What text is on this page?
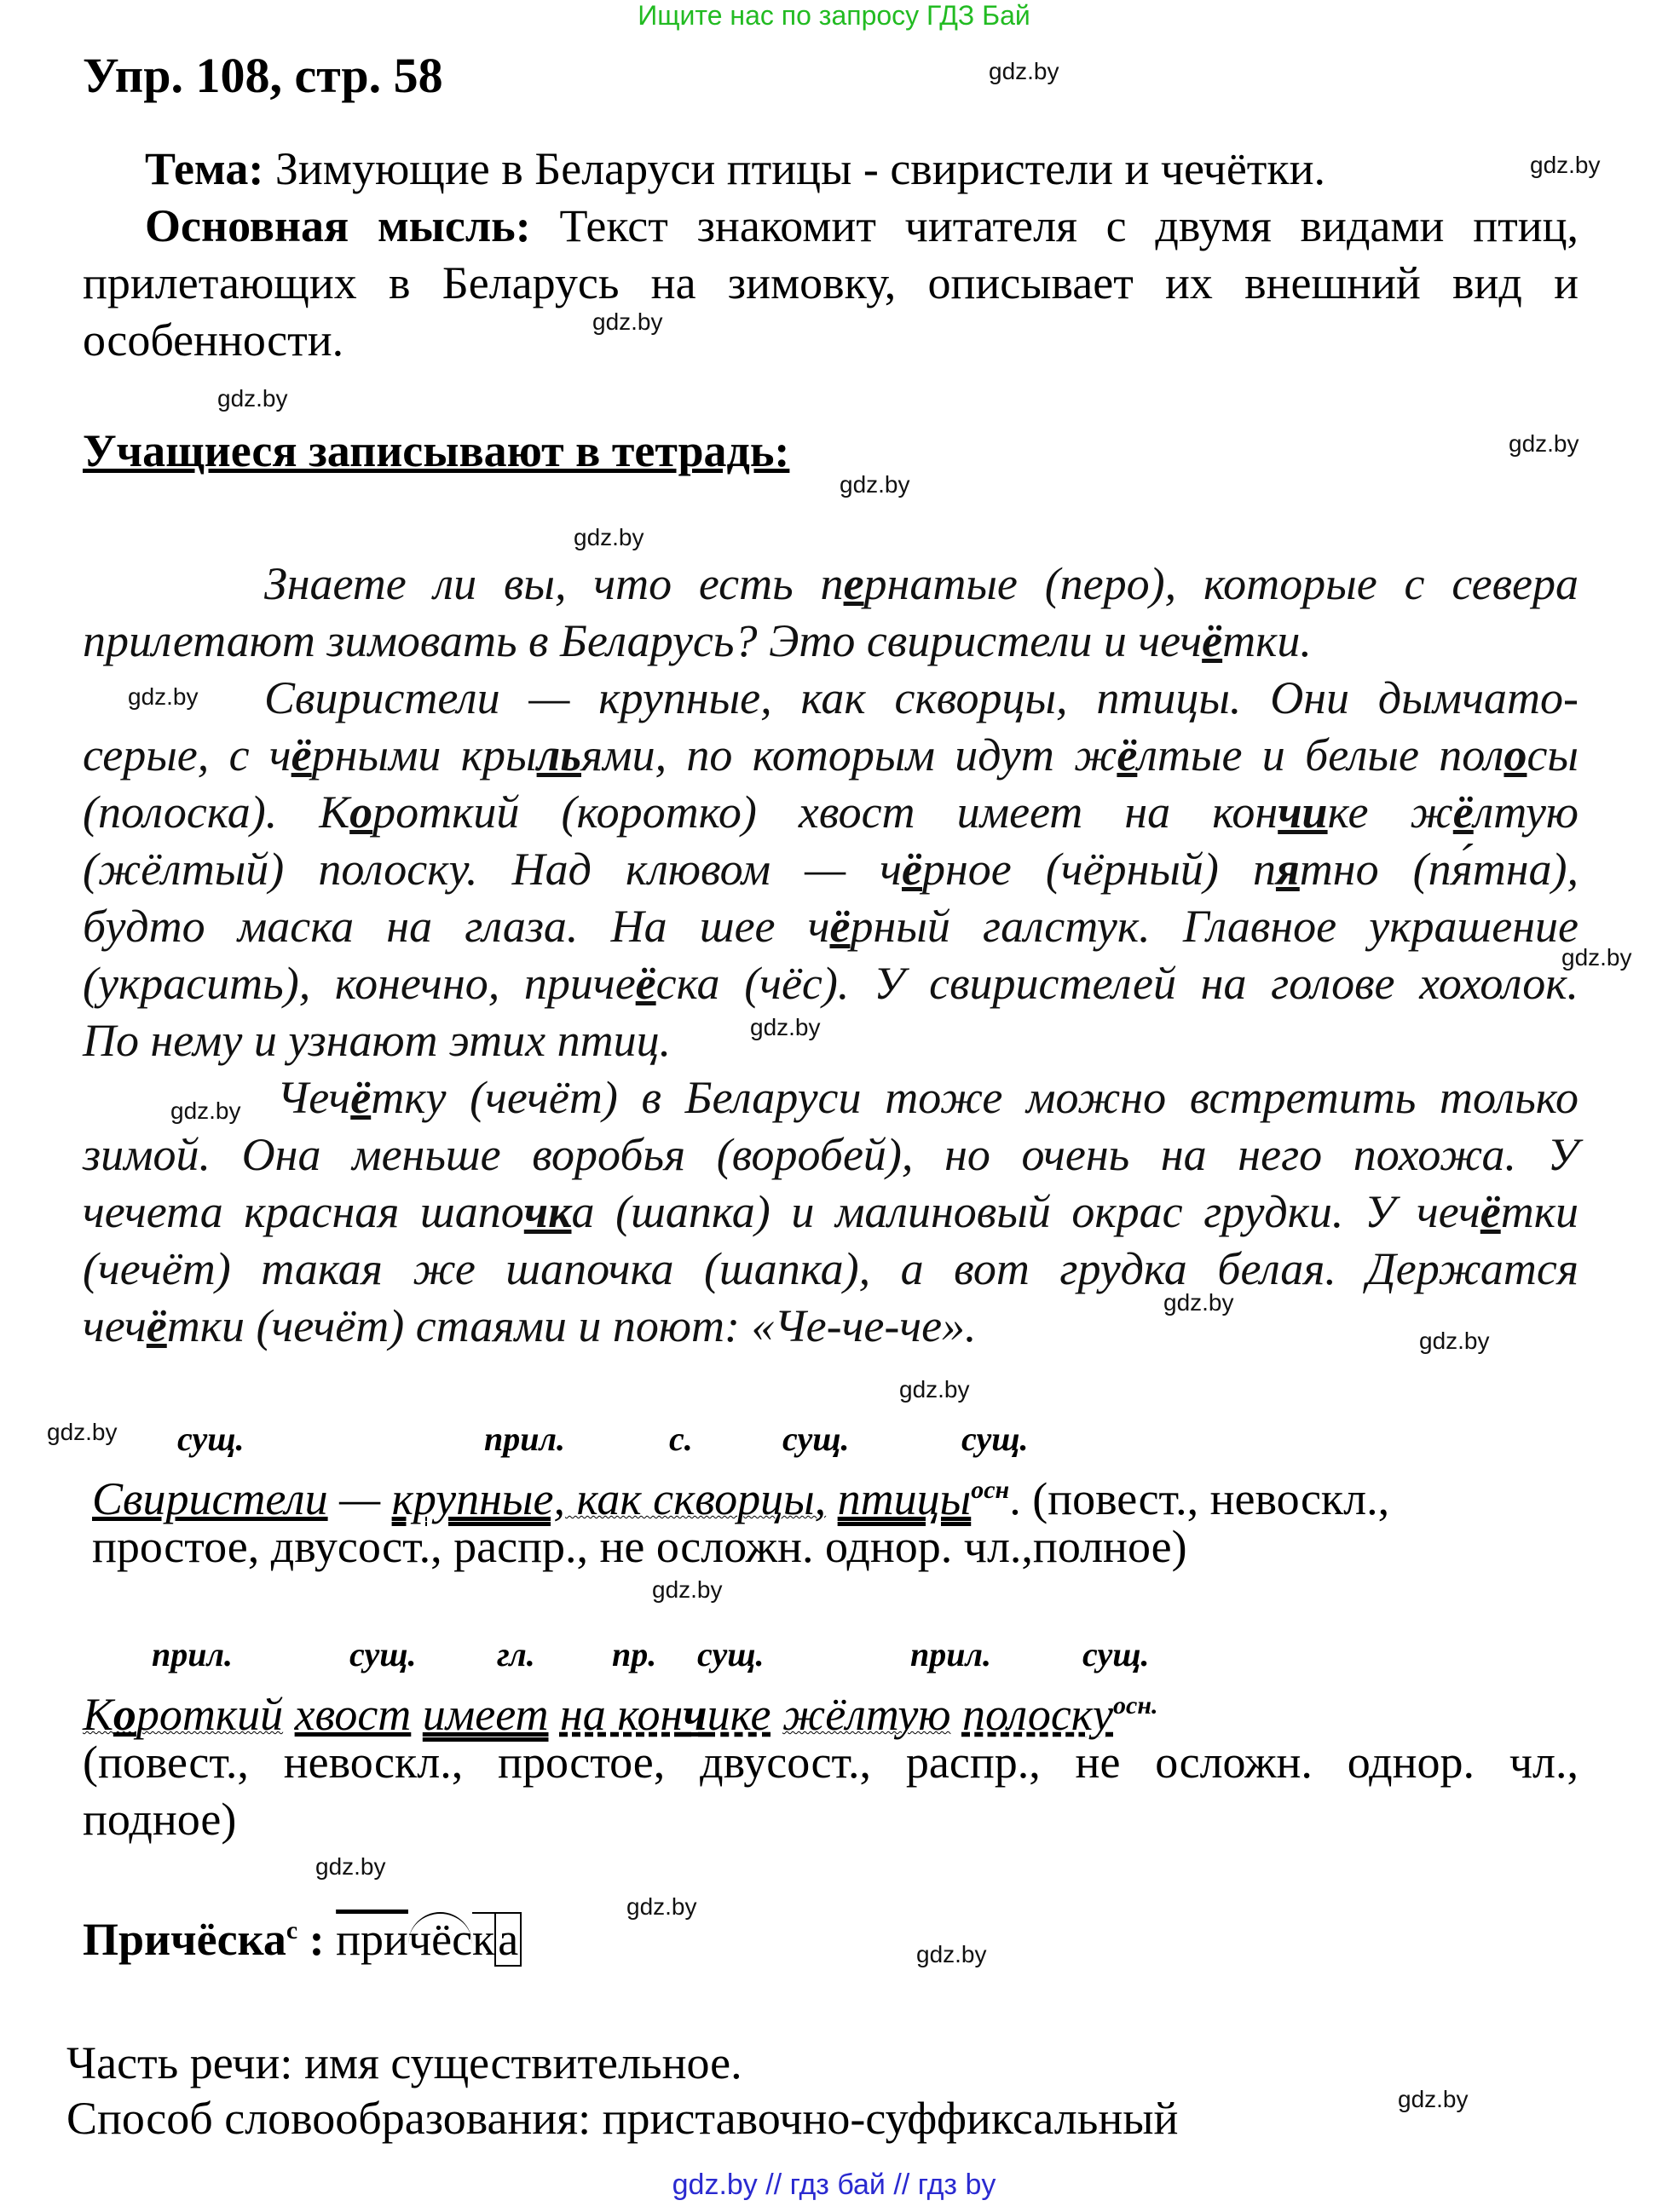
Ищите нас по запросу ГДЗ Бай
Упр. 108, стр. 58	gdz.by
gdz.by
gdz.by
gdz.by
gdz.by
gdz.by
gdz.by
gdz.by
gdz.by
gdz.by
gdz.by
gdz.by
gdz.by
gdz.by
gdz.by
gdz.by
gdz.by
gdz.by
gdz.by
gdz.by
Тема: Зимующие в Беларуси птицы - свиристели и чечётки.
Основная мысль: Текст знакомит читателя с двумя видами птиц,
прилетающих в Беларусь на зимовку, описывает их внешний вид и
особенности.
Учащиеся записывают в тетрадь:
Знаете ли вы, что есть пернатые (перо), которые с севера
прилетают зимовать в Беларусь? Это свиристели и чечётки.
Свиристели — крупные, как скворцы, птицы. Они дымчато-
серые, с чёрными крыльями, по которым идут жёлтые и белые полосы
(полоска). Короткий (коротко) хвост имеет на кончике жёлтую
(жёлтый) полоску. Над клювом — чёрное (чёрный) пятно (пя́тна),
будто маска на глаза. На шее чёрный галстук. Главное украшение
(украсить), конечно, причеёска (чёс). У свиристелей на голове хохолок.
По нему и узнают этих птиц.
Чечётку (чечёт) в Беларуси тоже можно встретить только
зимой. Она меньше воробья (воробей), но очень на него похожа. У
чечета красная шапочка (шапка) и малиновый окрас грудки. У чечётки
(чечёт) такая же шапочка (шапка), а вот грудка белая. Держатся
чечётки (чечёт) стаями и поют: «Че-че-че».
сущ.	прил.	с.	сущ.	сущ.
Свиристели — крупные, как скворцы, птицы$^{осн}$. (повест., невоскл.,
простое, двусост., распр., не осложн. однор. чл.,полное)
прил.	сущ. гл. пр. сущ.	прил.	сущ.
Короткий хвост имеет на кончике жёлтую полоску$^{осн.}$
(повест., невоскл., простое, двусост., распр., не осложн. однор. чл.,
подное)
Причёска$^с$ : причёска
Часть речи: имя существительное.
Способ словообразования: приставочно-суффиксальный
gdz.by // гдз бай // гдз by
